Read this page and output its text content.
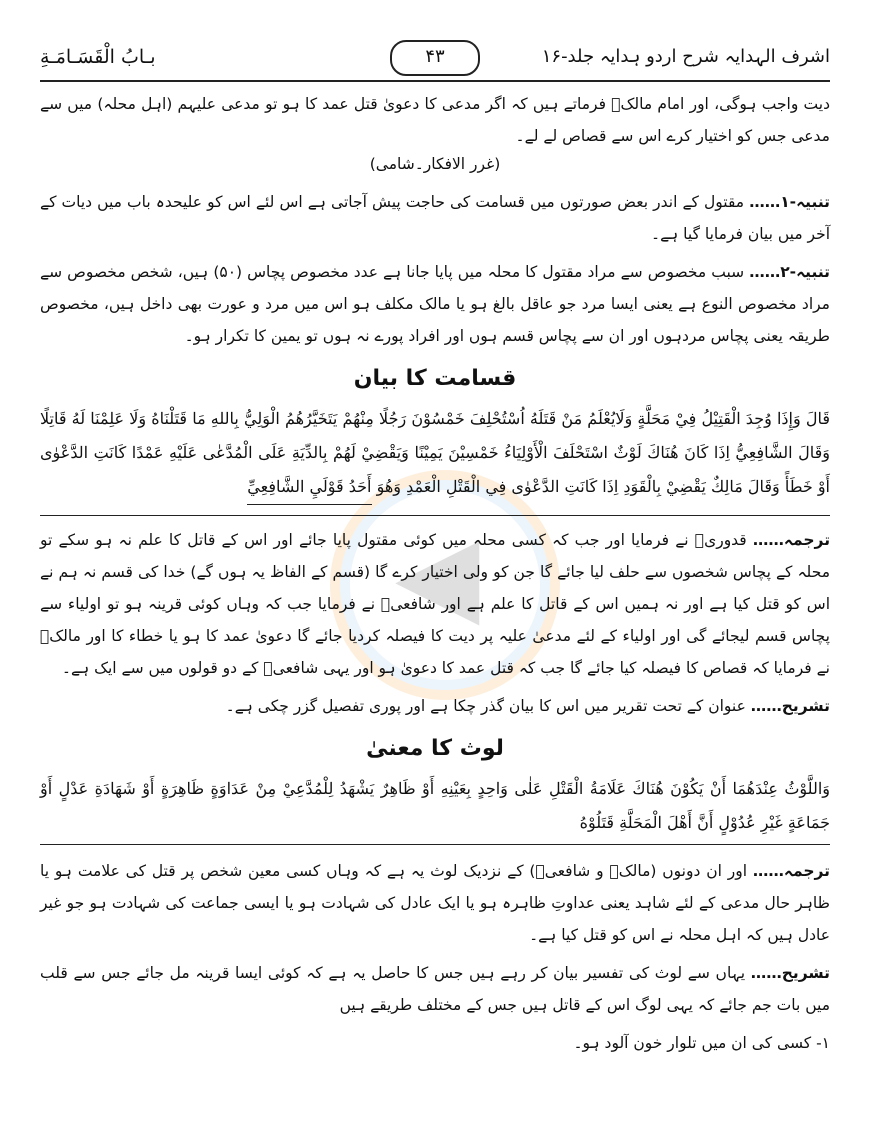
◀
بـابُ الْقَسَـامَـةِ	۴۳	اشرف الہدایہ شرح اردو ہدایہ جلد-۱۶

دیت واجب ہوگی، اور امام مالکؒ فرماتے ہیں کہ اگر مدعی کا دعویٰ قتل عمد کا ہو تو مدعی علیہم (اہل محلہ) میں سے مدعی جس کو اختیار کرے اس سے قصاص لے لے۔
(غرر الافکار۔شامی)

تنبیہ-۱…… مقتول کے اندر بعض صورتوں میں قسامت کی حاجت پیش آجاتی ہے اس لئے اس کو علیحدہ باب میں دیات کے آخر میں بیان فرمایا گیا ہے۔

تنبیہ-۲…… سبب مخصوص سے مراد مقتول کا محلہ میں پایا جانا ہے عدد مخصوص پچاس (۵۰) ہیں، شخص مخصوص سے مراد مخصوص النوع ہے یعنی ایسا مرد جو عاقل بالغ ہو یا مالک مکلف ہو اس میں مرد و عورت بھی داخل ہیں، مخصوص طریقہ یعنی پچاس مردہوں اور ان سے پچاس قسم ہوں اور افراد پورے نہ ہوں تو یمین کا تکرار ہو۔

قسامت کا بیان

قَالَ وَإِذَا وُجِدَ الْقَتِيْلُ فِيْ مَحَلَّةٍ وَلَايُعْلَمُ مَنْ قَتَلَهُ اُسْتُحْلِفَ خَمْسُوْنَ رَجُلًا مِنْهُمْ يَتَخَيَّرُهُمُ الْوَلِيُّ بِاللهِ مَا قَتَلْنَاهُ وَلَا عَلِمْنَا لَهُ قَاتِلًا وَقَالَ الشَّافِعِيُّ اِذَا كَانَ هُنَاكَ لَوْثٌ اسْتَحْلَفَ الْأَوْلِيَاءُ خَمْسِيْنَ يَمِيْنًا وَيَقْضِيْ لَهُمْ بِالدِّيَةِ عَلَى الْمُدَّعٰى عَلَيْهِ عَمْدًا كَانَتِ الدَّعْوٰى أَوْ خَطَأً وَقَالَ مَالِكٌ يَقْضِيْ بِالْقَوَدِ اِذَا كَانَتِ الدَّعْوٰى فِي الْقَتْلِ الْعَمْدِ وَهُوَ أَحَدُ قَوْلَيِ الشَّافِعِيِّ

ترجمہ…… قدوریؒ نے فرمایا اور جب کہ کسی محلہ میں کوئی مقتول پایا جائے اور اس کے قاتل کا علم نہ ہو سکے تو محلہ کے پچاس شخصوں سے حلف لیا جائے گا جن کو ولی اختیار کرے گا (قسم کے الفاظ یہ ہوں گے) خدا کی قسم نہ ہم نے اس کو قتل کیا ہے اور نہ ہمیں اس کے قاتل کا علم ہے اور شافعیؒ نے فرمایا جب کہ وہاں کوئی قرینہ ہو تو اولیاء سے پچاس قسم لیجائے گی اور اولیاء کے لئے مدعیٰ علیہ پر دیت کا فیصلہ کردیا جائے گا دعویٰ عمد کا ہو یا خطاء کا اور مالکؒ نے فرمایا کہ قصاص کا فیصلہ کیا جائے گا جب کہ قتل عمد کا دعویٰ ہو اور یہی شافعیؒ کے دو قولوں میں سے ایک ہے۔

تشریح…… عنوان کے تحت تقریر میں اس کا بیان گذر چکا ہے اور پوری تفصیل گزر چکی ہے۔

لوث کا معنیٰ

وَاللَّوْثُ عِنْدَهُمَا أَنْ يَكُوْنَ هُنَاكَ عَلَامَةُ الْقَتْلِ عَلٰى وَاحِدٍ بِعَيْنِهِ أَوْ ظَاهِرٌ يَشْهَدُ لِلْمُدَّعِيْ مِنْ عَدَاوَةٍ ظَاهِرَةٍ أَوْ شَهَادَةِ عَدْلٍ أَوْ جَمَاعَةٍ غَيْرِ عُدُوْلٍ أَنَّ أَهْلَ الْمَحَلَّةِ قَتَلُوْهُ

ترجمہ…… اور ان دونوں (مالکؒ و شافعیؒ) کے نزدیک لوث یہ ہے کہ وہاں کسی معین شخص پر قتل کی علامت ہو یا ظاہر حال مدعی کے لئے شاہد یعنی عداوتِ ظاہرہ ہو یا ایک عادل کی شہادت ہو یا ایسی جماعت کی شہادت ہو جو غیر عادل ہیں کہ اہل محلہ نے اس کو قتل کیا ہے۔

تشریح…… یہاں سے لوث کی تفسیر بیان کر رہے ہیں جس کا حاصل یہ ہے کہ کوئی ایسا قرینہ مل جائے جس سے قلب میں بات جم جائے کہ یہی لوگ اس کے قاتل ہیں جس کے مختلف طریقے ہیں

۱- کسی کی ان میں تلوار خون آلود ہو۔
